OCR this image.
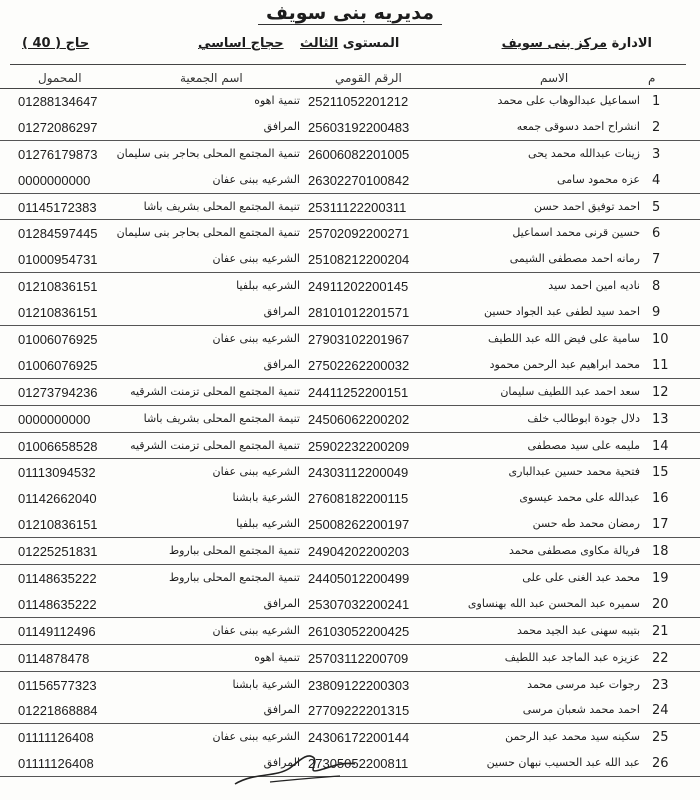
مديريه بنى سويف
الادارة مركز بنى سويف
المستوى الثالث
حجاج اساسي
( 40 ) حاج
م
الاسم
الرقم القومي
اسم الجمعية
المحمول
1
اسماعيل عبدالوهاب على محمد
25211052201212
تنمية اهوه
01288134647
2
انشراح احمد دسوقى جمعه
25603192200483
المرافق
01272086297
3
زينات عبدالله محمد يحى
26006082201005
تنمية المجتمع المحلى بحاجر بنى سليمان
01276179873
4
عزه محمود سامى
26302270100842
الشرعيه ببنى عفان
0000000000
5
احمد توفيق احمد حسن
25311122200311
تنيمة المجتمع المحلى بشريف باشا
01145172383
6
حسين قرنى محمد اسماعيل
25702092200271
تنمية المجتمع المحلى بحاجر بنى سليمان
01284597445
7
رمانه احمد مصطفى الشيمى
25108212200204
الشرعيه ببنى عفان
01000954731
8
ناديه امين احمد سيد
24911202200145
الشرعيه ببلفيا
01210836151
9
احمد سيد لطفى عبد الجواد حسين
28101012201571
المرافق
01210836151
10
سامية على فيض الله عبد اللطيف
27903102201967
الشرعيه ببنى عفان
01006076925
11
محمد ابراهيم عبد الرحمن محمود
27502262200032
المرافق
01006076925
12
سعد احمد عبد اللطيف سليمان
24411252200151
تنمية المجتمع المحلى تزمنت الشرقيه
01273794236
13
دلال جودة ابوطالب خلف
24506062200202
تنيمة المجتمع المحلى بشريف باشا
0000000000
14
مليمه على سيد مصطفى
25902232200209
تنمية المجتمع المحلى تزمنت الشرقيه
01006658528
15
فتحية محمد حسين عبدالبارى
24303112200049
الشرعيه ببنى عفان
01113094532
16
عبدالله على محمد عيسوى
27608182200115
الشرعية بابشنا
01142662040
17
رمضان محمد طه حسن
25008262200197
الشرعيه ببلفيا
01210836151
18
فريالة مكاوى مصطفى محمد
24904202200203
تنمية المجتمع المحلى بباروط
01225251831
19
محمد عبد الغنى على على
24405012200499
تنمية المجتمع المحلى بباروط
01148635222
20
سميره عبد المحسن عبد الله بهنساوى
25307032200241
المرافق
01148635222
21
بتيبه سهنى عبد الجيد محمد
26103052200425
الشرعيه ببنى عفان
01149112496
22
عزيزه عبد الماجد عبد اللطيف
25703112200709
تنمية اهوه
0114878478
23
رجوات عبد مرسى محمد
23809122200303
الشرعية بابشنا
01156577323
24
احمد محمد شعبان مرسى
27709222201315
المرافق
01221868884
25
سكينه سيد محمد عبد الرحمن
24306172200144
الشرعيه ببنى عفان
01111126408
26
عبد الله عبد الحسيب نبهان حسين
27305052200811
المرافق
01111126408
